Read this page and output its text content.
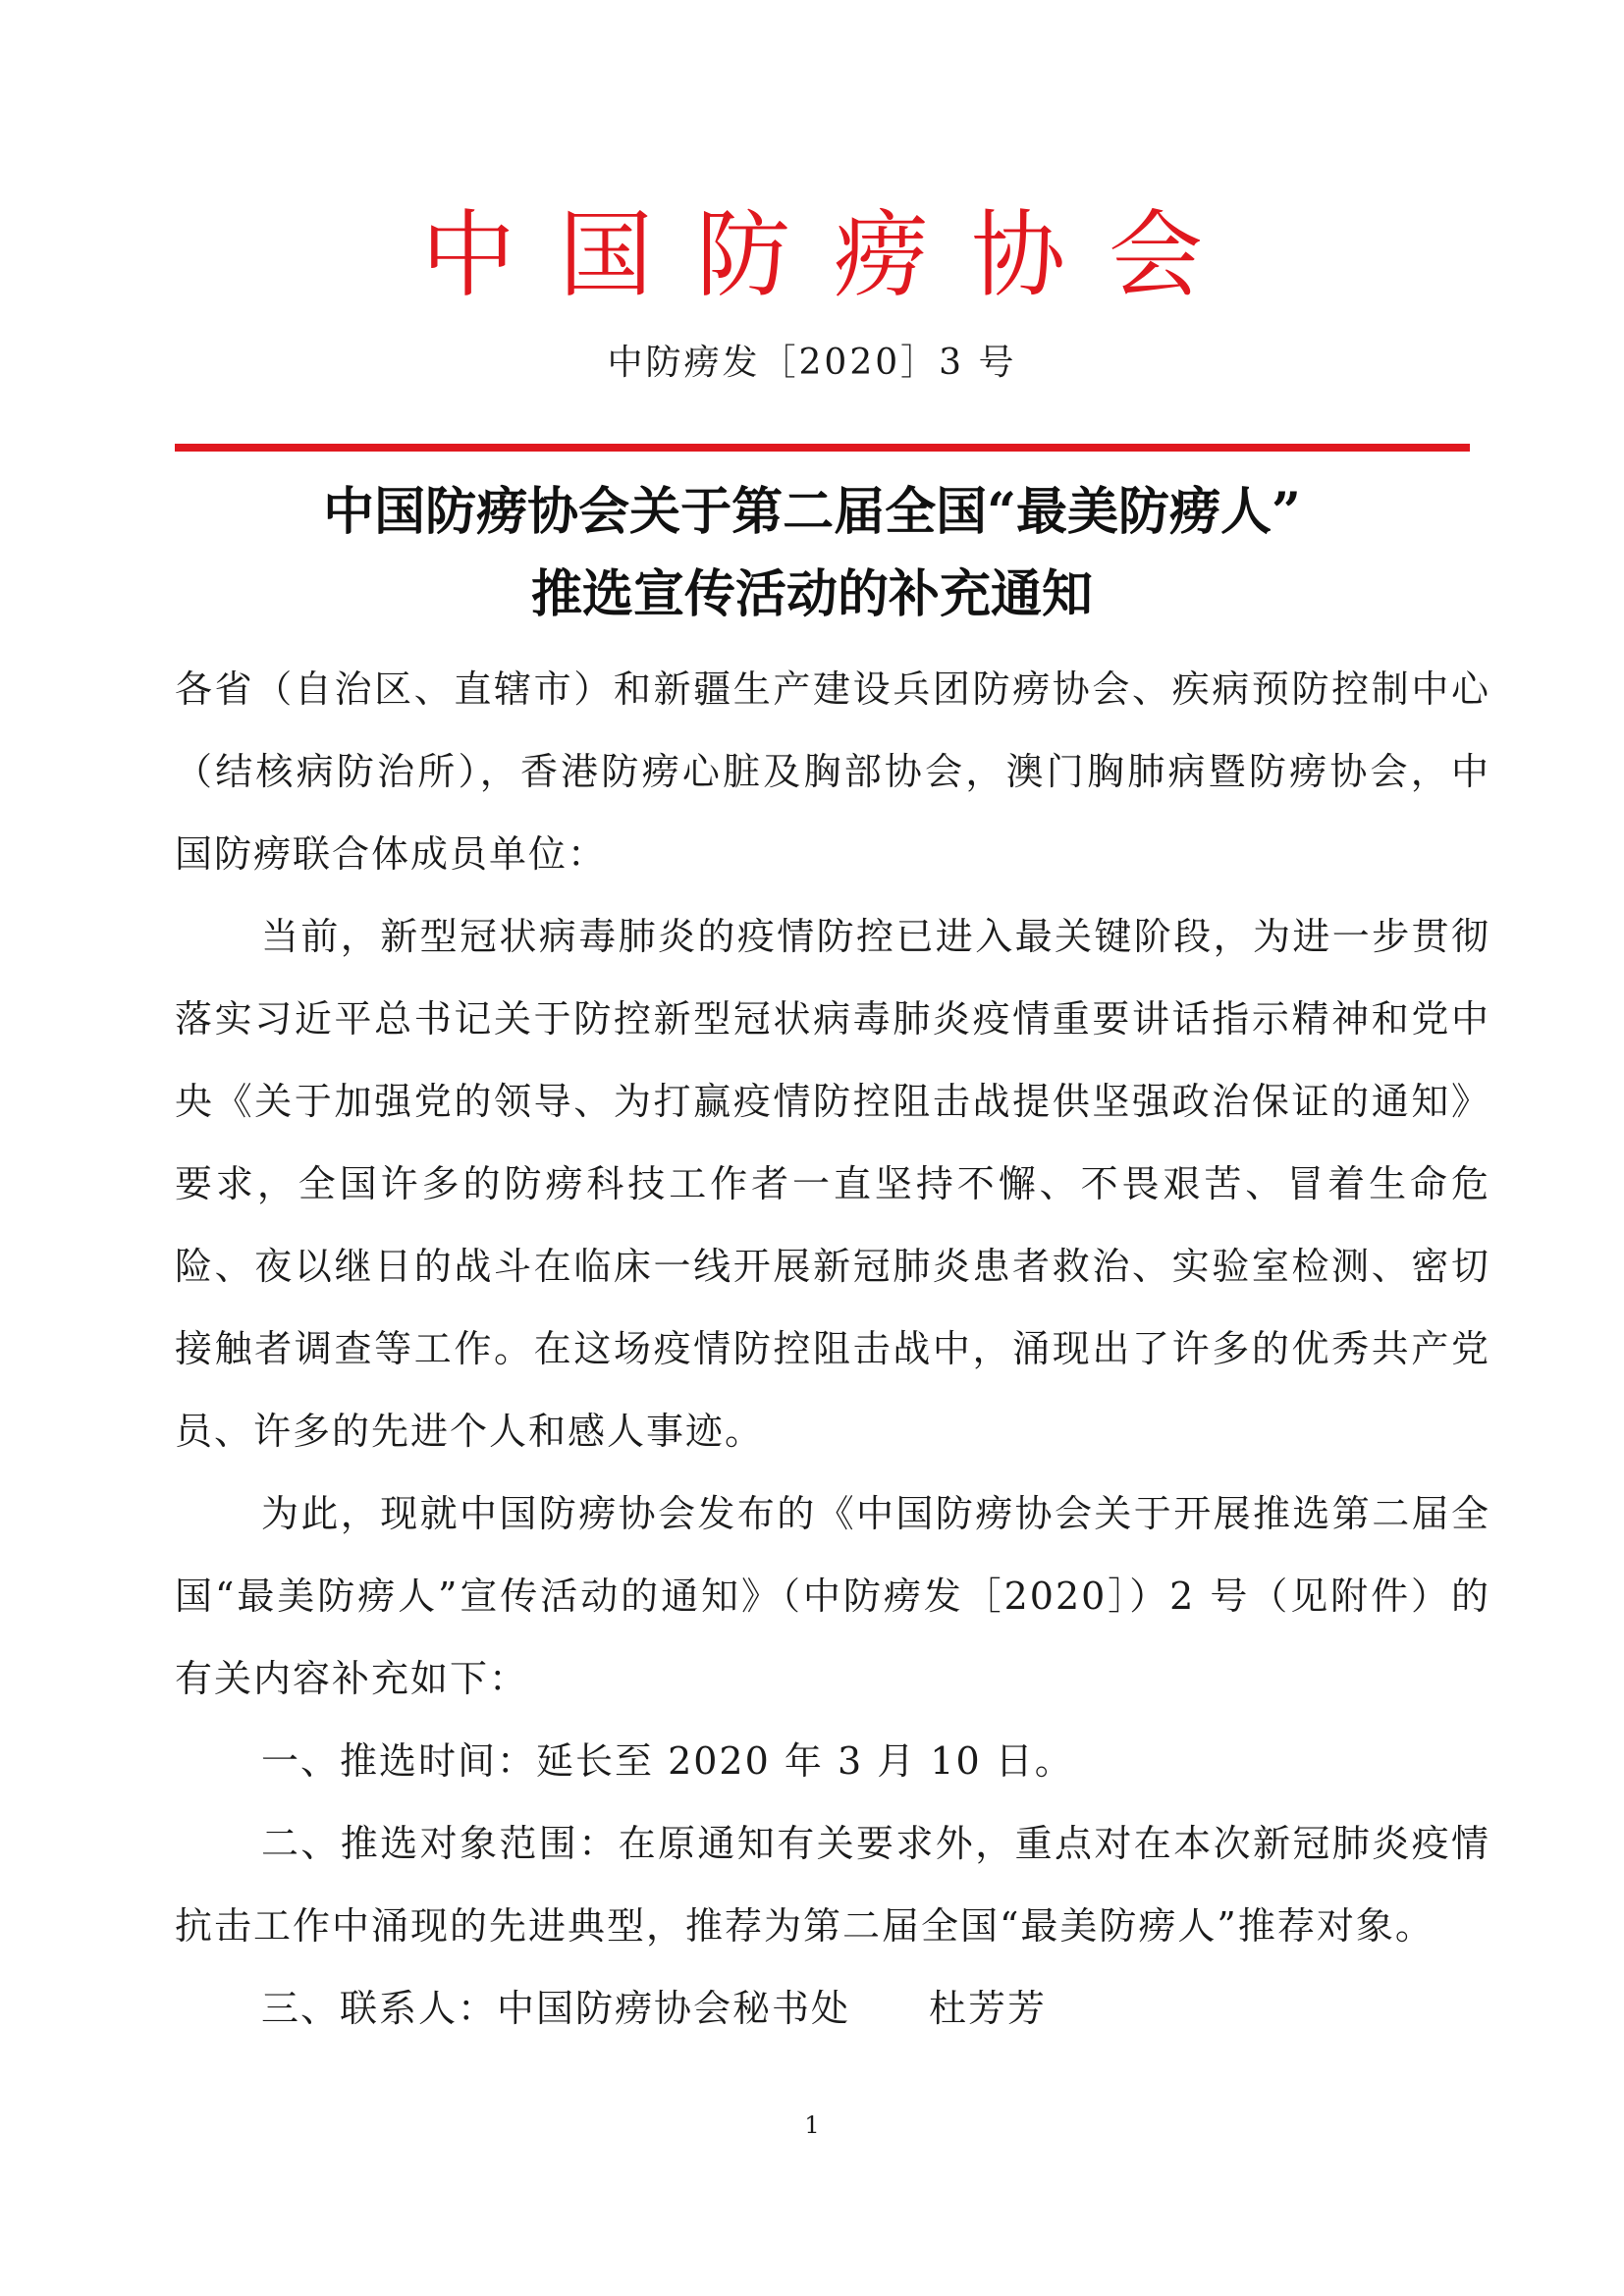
中国防痨协会
中防痨发［2020］3 号
中国防痨协会关于第二届全国“最美防痨人”
推选宣传活动的补充通知

各省（自治区、直辖市）和新疆生产建设兵团防痨协会、疾病预防控制中心（结核病防治所），香港防痨心脏及胸部协会，澳门胸肺病暨防痨协会，中国防痨联合体成员单位：

当前，新型冠状病毒肺炎的疫情防控已进入最关键阶段，为进一步贯彻落实习近平总书记关于防控新型冠状病毒肺炎疫情重要讲话指示精神和党中央《关于加强党的领导、为打赢疫情防控阻击战提供坚强政治保证的通知》要求，全国许多的防痨科技工作者一直坚持不懈、不畏艰苦、冒着生命危险、夜以继日的战斗在临床一线开展新冠肺炎患者救治、实验室检测、密切接触者调查等工作。在这场疫情防控阻击战中，涌现出了许多的优秀共产党员、许多的先进个人和感人事迹。

为此，现就中国防痨协会发布的《中国防痨协会关于开展推选第二届全国“最美防痨人”宣传活动的通知》（中防痨发［2020］）2 号（见附件）的有关内容补充如下：

一、推选时间：延长至 2020 年 3 月 10 日。

二、推选对象范围：在原通知有关要求外，重点对在本次新冠肺炎疫情抗击工作中涌现的先进典型，推荐为第二届全国“最美防痨人”推荐对象。

三、联系人：中国防痨协会秘书处　　杜芳芳

1
